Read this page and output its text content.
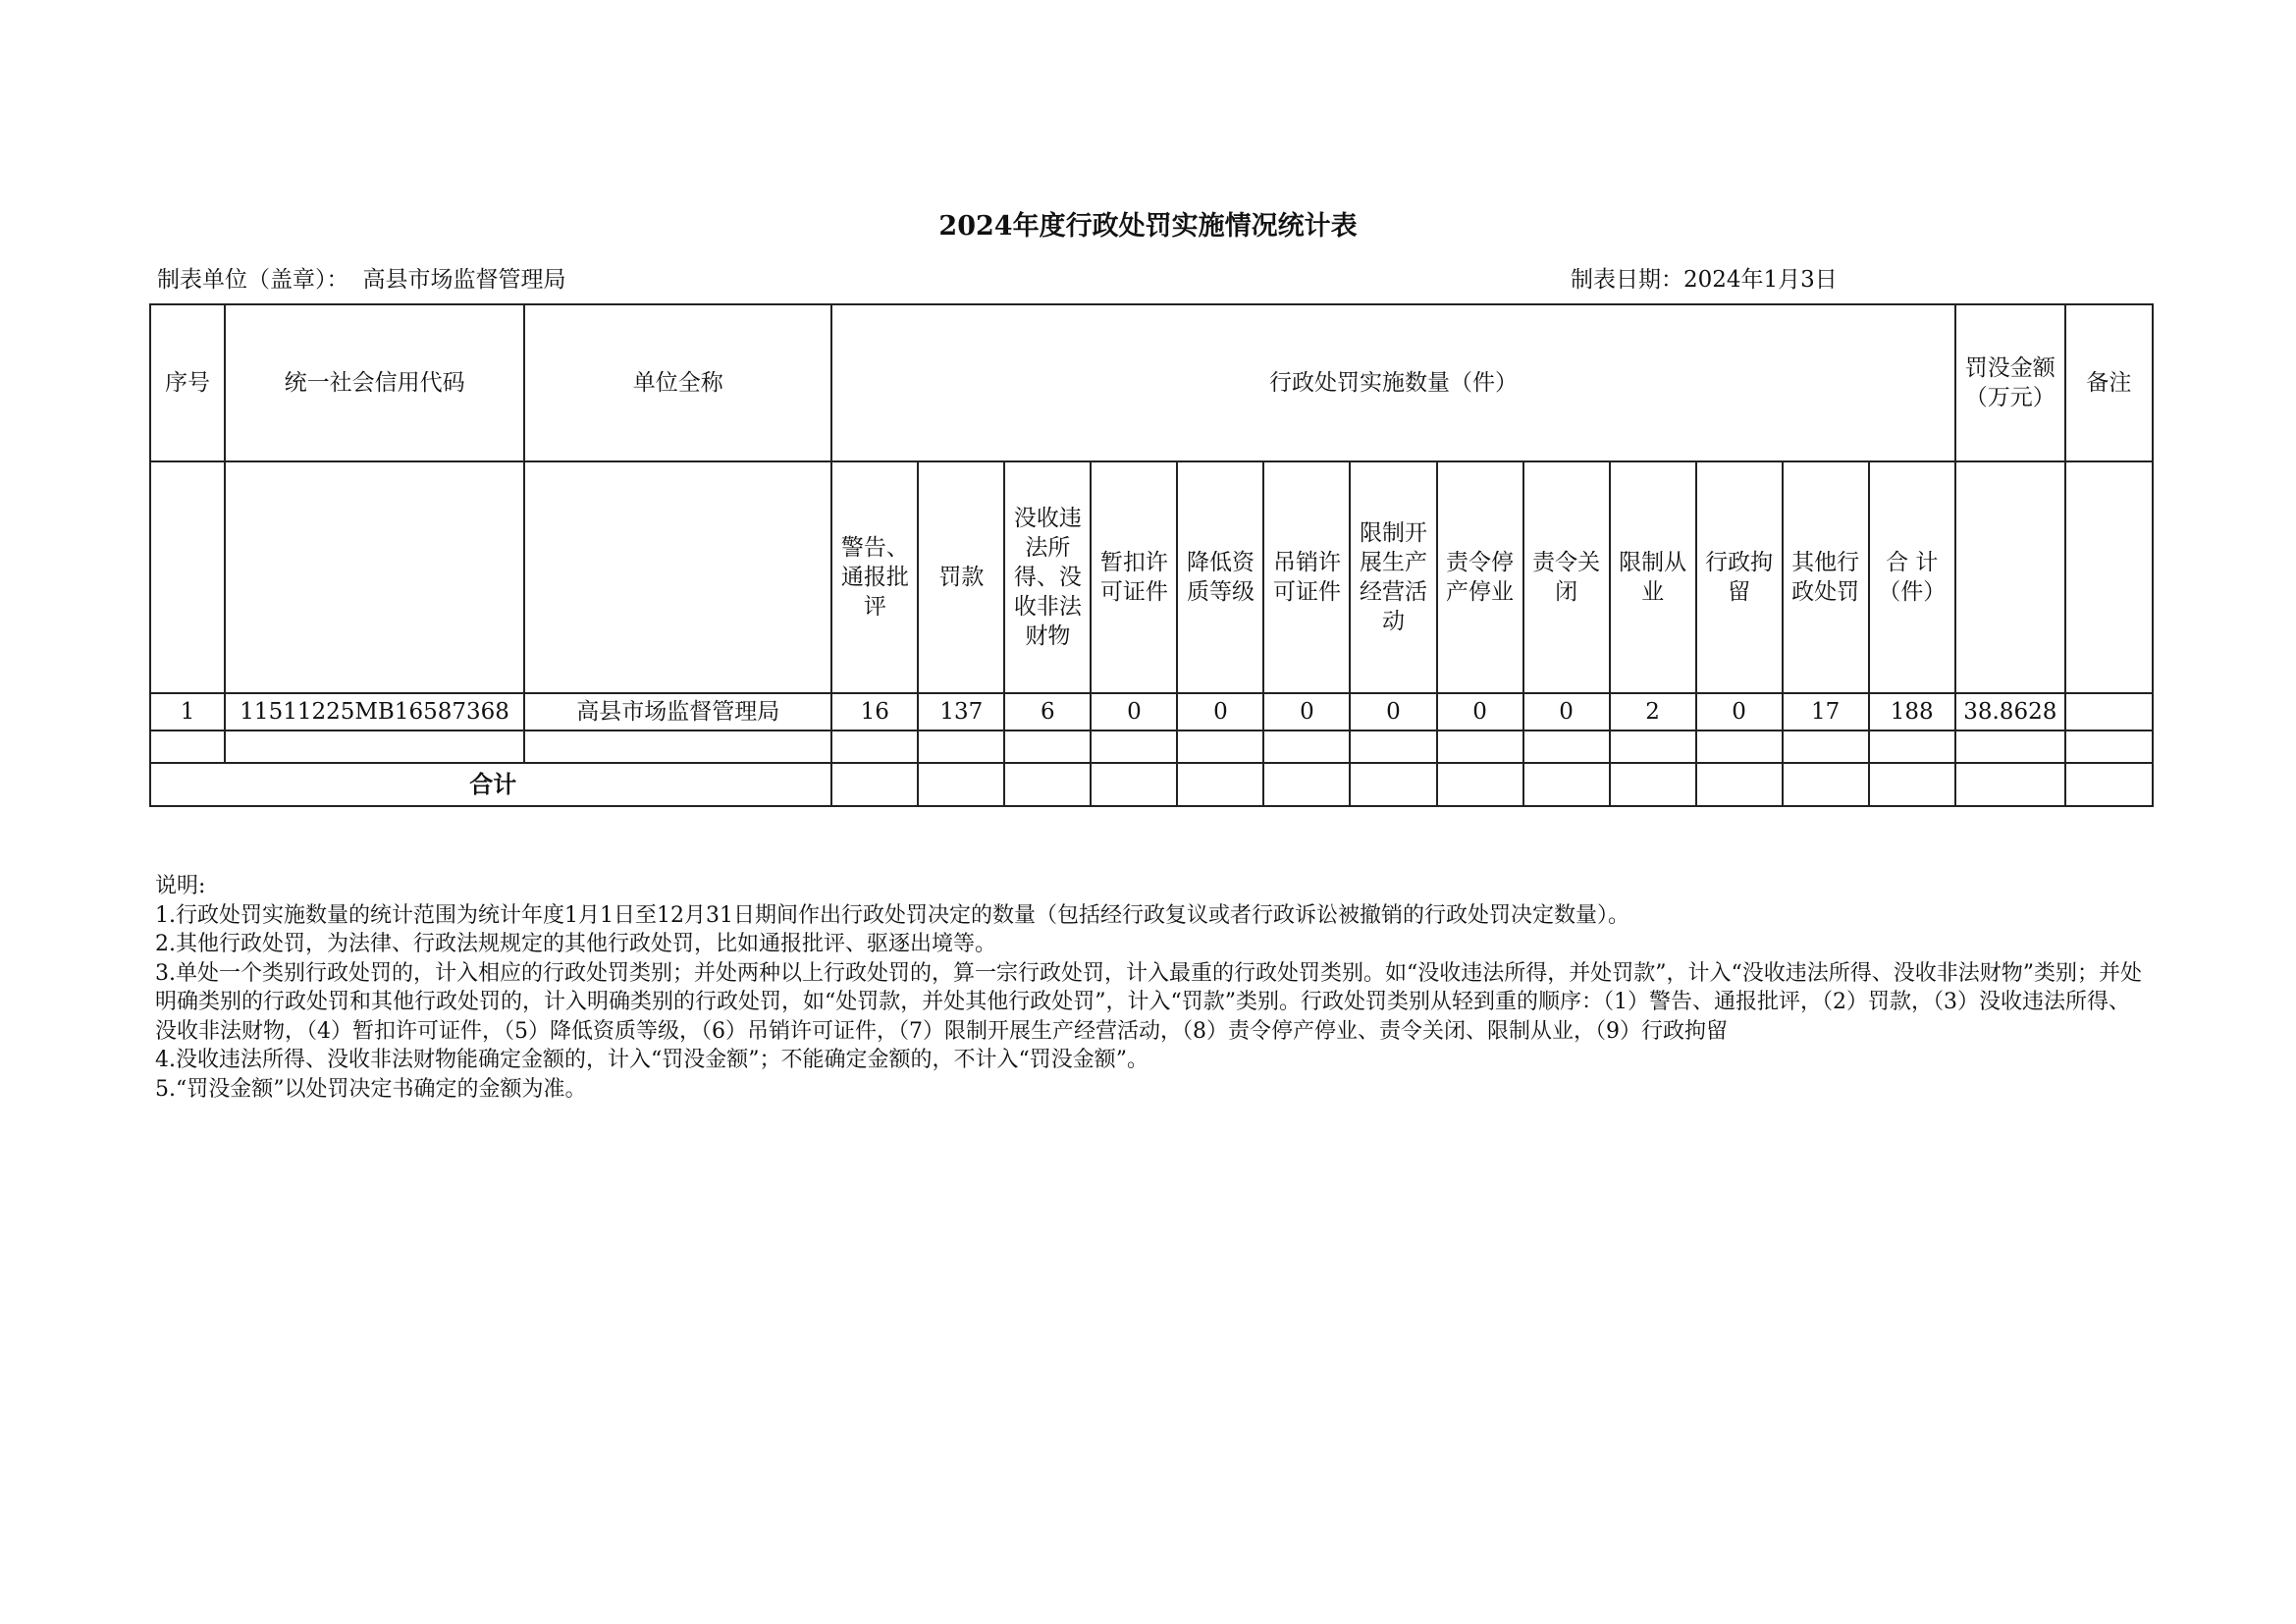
2024年度行政处罚实施情况统计表
制表单位（盖章）： 高县市场监督管理局	制表日期：2024年1月3日
序号	统一社会信用代码	单位全称	行政处罚实施数量（件）													罚没金额（万元）	备注
			警告、通报批评	罚款	没收违法所得、没收非法财物	暂扣许可证件	降低资质等级	吊销许可证件	限制开展生产经营活动	责令停产停业	责令关闭	限制从业	行政拘留	其他行政处罚	合 计（件）		
1	11511225MB16587368	高县市场监督管理局	16	137	6	0	0	0	0	0	0	2	0	17	188	38.8628	

合计																	

说明:

1.行政处罚实施数量的统计范围为统计年度1月1日至12月31日期间作出行政处罚决定的数量（包括经行政复议或者行政诉讼被撤销的行政处罚决定数量）。

2.其他行政处罚，为法律、行政法规规定的其他行政处罚，比如通报批评、驱逐出境等。

3.单处一个类别行政处罚的，计入相应的行政处罚类别；并处两种以上行政处罚的，算一宗行政处罚，计入最重的行政处罚类别。如“没收违法所得，并处罚款”，计入“没收违法所得、没收非法财物”类别；并处明确类别的行政处罚和其他行政处罚的，计入明确类别的行政处罚，如“处罚款，并处其他行政处罚”，计入“罚款”类别。行政处罚类别从轻到重的顺序：（1）警告、通报批评，（2）罚款，（3）没收违法所得、没收非法财物，（4）暂扣许可证件，（5）降低资质等级，（6）吊销许可证件，（7）限制开展生产经营活动，（8）责令停产停业、责令关闭、限制从业，（9）行政拘留

4.没收违法所得、没收非法财物能确定金额的，计入“罚没金额”；不能确定金额的，不计入“罚没金额”。

5.“罚没金额”以处罚决定书确定的金额为准。
